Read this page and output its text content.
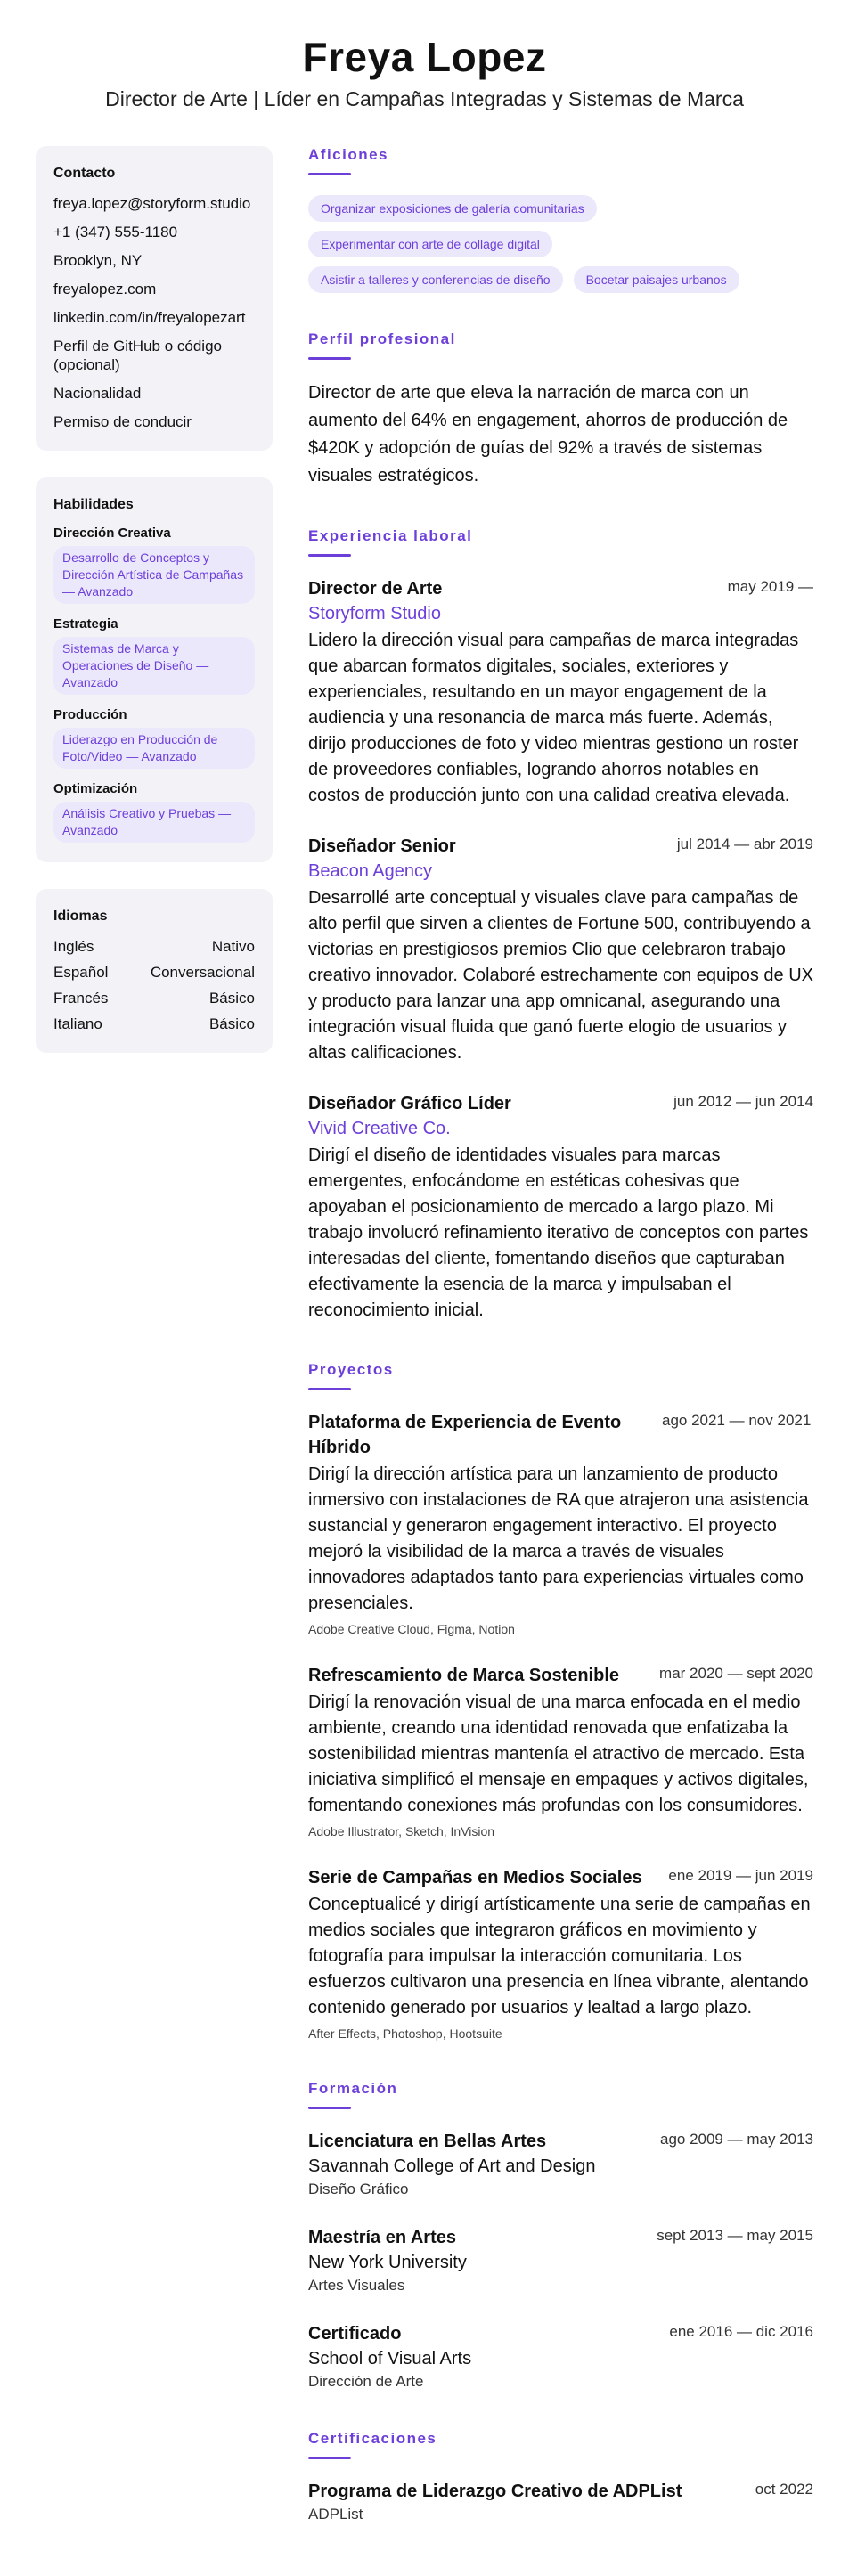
Freya Lopez
Director de Arte | Líder en Campañas Integradas y Sistemas de Marca
Contacto
freya.lopez@storyform.studio
+1 (347) 555-1180
Brooklyn, NY
freyalopez.com
linkedin.com/in/freyalopezart
Perfil de GitHub o código (opcional)
Nacionalidad
Permiso de conducir
Habilidades
Dirección Creativa
Desarrollo de Conceptos y Dirección Artística de Campañas — Avanzado
Estrategia
Sistemas de Marca y Operaciones de Diseño — Avanzado
Producción
Liderazgo en Producción de Foto/Video — Avanzado
Optimización
Análisis Creativo y Pruebas — Avanzado
Idiomas
Inglés	Nativo
Español	Conversacional
Francés	Básico
Italiano	Básico
Aficiones
Organizar exposiciones de galería comunitarias
Experimentar con arte de collage digital
Asistir a talleres y conferencias de diseño	Bocetar paisajes urbanos
Perfil profesional
Director de arte que eleva la narración de marca con un aumento del 64% en engagement, ahorros de producción de $420K y adopción de guías del 92% a través de sistemas visuales estratégicos.
Experiencia laboral
Director de Arte	may 2019 —
Storyform Studio
Lidero la dirección visual para campañas de marca integradas que abarcan formatos digitales, sociales, exteriores y experienciales, resultando en un mayor engagement de la audiencia y una resonancia de marca más fuerte. Además, dirijo producciones de foto y video mientras gestiono un roster de proveedores confiables, logrando ahorros notables en costos de producción junto con una calidad creativa elevada.
Diseñador Senior	jul 2014 — abr 2019
Beacon Agency
Desarrollé arte conceptual y visuales clave para campañas de alto perfil que sirven a clientes de Fortune 500, contribuyendo a victorias en prestigiosos premios Clio que celebraron trabajo creativo innovador. Colaboré estrechamente con equipos de UX y producto para lanzar una app omnicanal, asegurando una integración visual fluida que ganó fuerte elogio de usuarios y altas calificaciones.
Diseñador Gráfico Líder	jun 2012 — jun 2014
Vivid Creative Co.
Dirigí el diseño de identidades visuales para marcas emergentes, enfocándome en estéticas cohesivas que apoyaban el posicionamiento de mercado a largo plazo. Mi trabajo involucró refinamiento iterativo de conceptos con partes interesadas del cliente, fomentando diseños que capturaban efectivamente la esencia de la marca y impulsaban el reconocimiento inicial.
Proyectos
Plataforma de Experiencia de Evento Híbrido
ago 2021 — nov 2021
Dirigí la dirección artística para un lanzamiento de producto inmersivo con instalaciones de RA que atrajeron una asistencia sustancial y generaron engagement interactivo. El proyecto mejoró la visibilidad de la marca a través de visuales innovadores adaptados tanto para experiencias virtuales como presenciales.
Adobe Creative Cloud, Figma, Notion
Refrescamiento de Marca Sostenible	mar 2020 — sept 2020
Dirigí la renovación visual de una marca enfocada en el medio ambiente, creando una identidad renovada que enfatizaba la sostenibilidad mientras mantenía el atractivo de mercado. Esta iniciativa simplificó el mensaje en empaques y activos digitales, fomentando conexiones más profundas con los consumidores.
Adobe Illustrator, Sketch, InVision
Serie de Campañas en Medios Sociales ene 2019 — jun 2019
Conceptualicé y dirigí artísticamente una serie de campañas en medios sociales que integraron gráficos en movimiento y fotografía para impulsar la interacción comunitaria. Los esfuerzos cultivaron una presencia en línea vibrante, alentando contenido generado por usuarios y lealtad a largo plazo.
After Effects, Photoshop, Hootsuite
Formación
Licenciatura en Bellas Artes	ago 2009 — may 2013
Savannah College of Art and Design
Diseño Gráfico
Maestría en Artes	sept 2013 — may 2015
New York University
Artes Visuales
Certificado	ene 2016 — dic 2016
School of Visual Arts
Dirección de Arte
Certificaciones
Programa de Liderazgo Creativo de ADPList	oct 2022
ADPList
